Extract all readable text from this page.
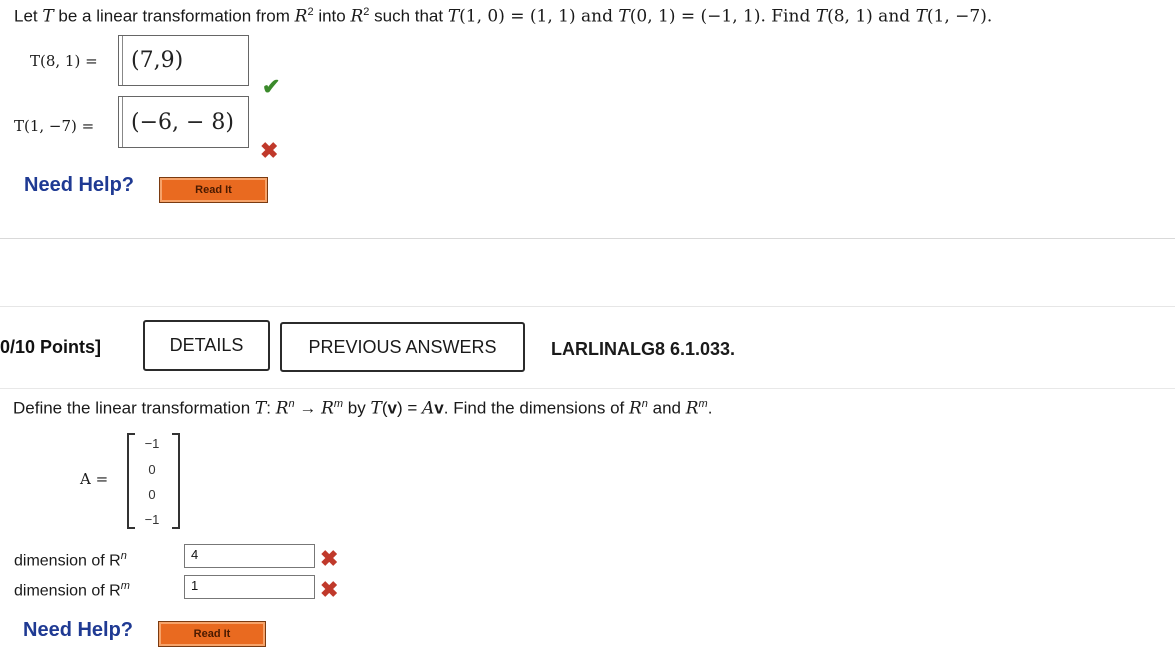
Let T be a linear transformation from $R^2$ into $R^2$ such that T(1, 0) = (1, 1) and T(0, 1) = (−1, 1). Find T(8, 1) and T(1, −7).
T(8, 1) = (7,9)
✔
T(1, −7) = (−6, − 8)
✖
Need Help?	Read It
0/10 Points]	DETAILS	PREVIOUS ANSWERS	LARLINALG8 6.1.033.
Define the linear transformation T: $R^n \to R^m$ by T(v) = Av. Find the dimensions of $R^n$ and $R^m$.
A =
−1
0
0
−1
dimension of $R^n$	4	✖
dimension of $R^m$	1	✖
Need Help?	Read It
